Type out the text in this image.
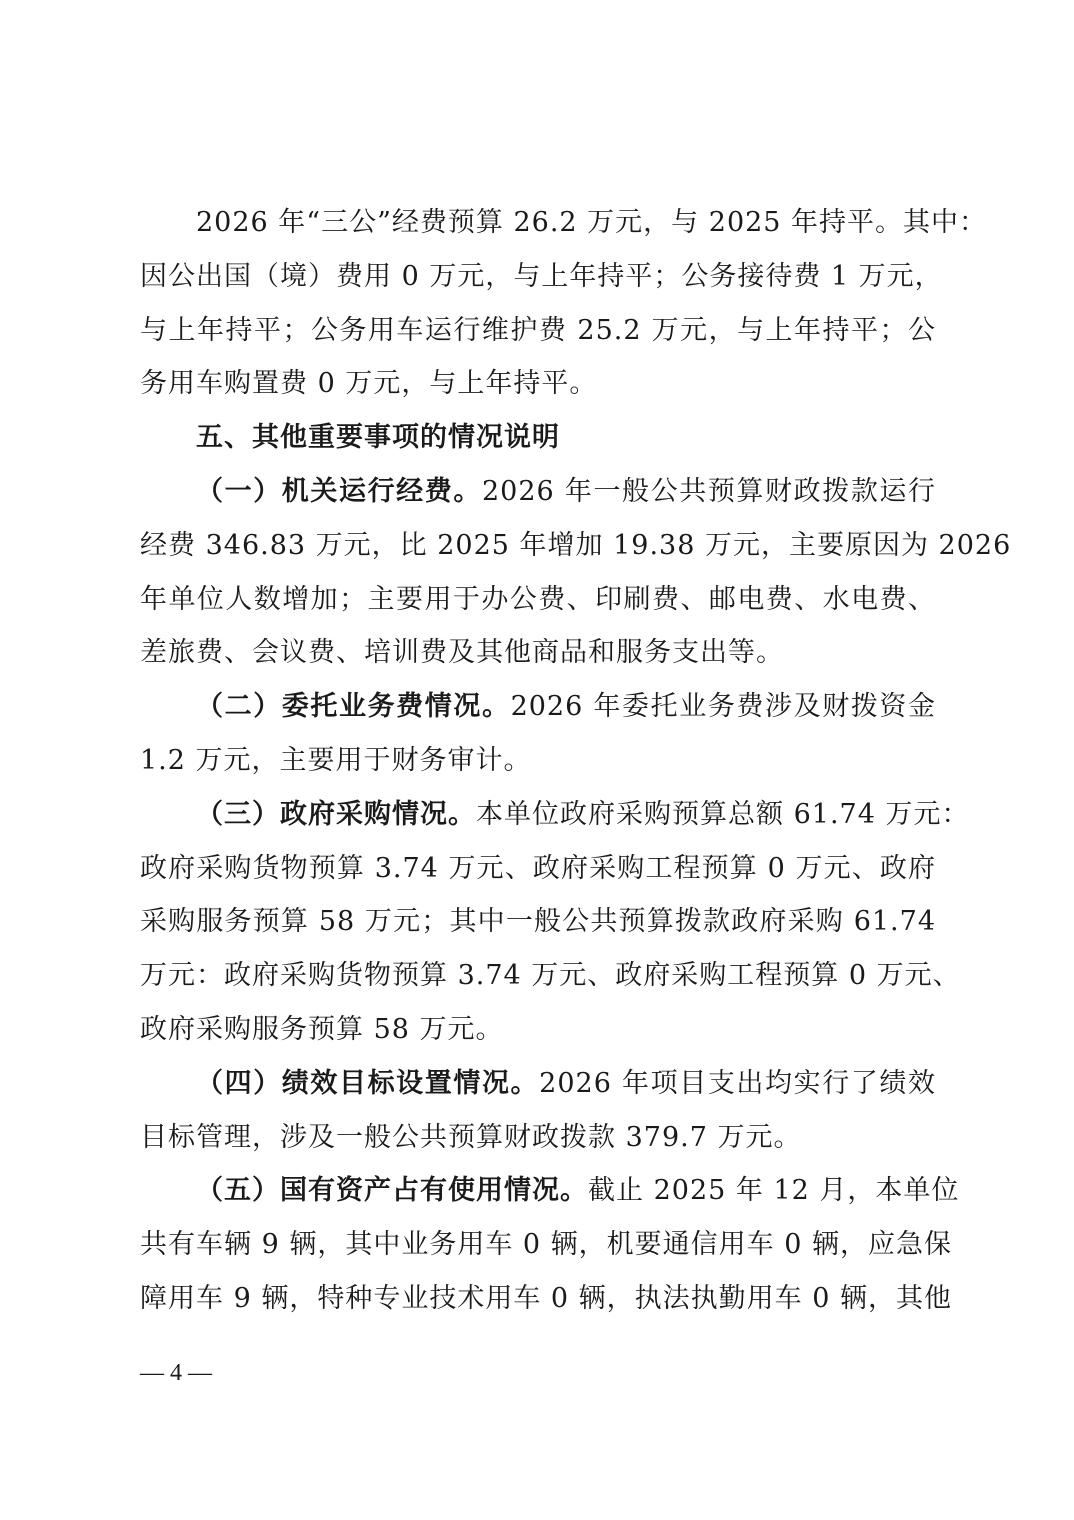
2026 年“三公”经费预算 26.2 万元，与 2025 年持平。其中：
因公出国（境）费用 0 万元，与上年持平；公务接待费 1 万元，
与上年持平；公务用车运行维护费 25.2 万元，与上年持平；公
务用车购置费 0 万元，与上年持平。
五、其他重要事项的情况说明
（一）机关运行经费。2026 年一般公共预算财政拨款运行
经费 346.83 万元，比 2025 年增加 19.38 万元，主要原因为 2026
年单位人数增加；主要用于办公费、印刷费、邮电费、水电费、
差旅费、会议费、培训费及其他商品和服务支出等。
（二）委托业务费情况。2026 年委托业务费涉及财拨资金
1.2 万元，主要用于财务审计。
（三）政府采购情况。本单位政府采购预算总额 61.74 万元：
政府采购货物预算 3.74 万元、政府采购工程预算 0 万元、政府
采购服务预算 58 万元；其中一般公共预算拨款政府采购 61.74
万元：政府采购货物预算 3.74 万元、政府采购工程预算 0 万元、
政府采购服务预算 58 万元。
（四）绩效目标设置情况。2026 年项目支出均实行了绩效
目标管理，涉及一般公共预算财政拨款 379.7 万元。
（五）国有资产占有使用情况。截止 2025 年 12 月，本单位
共有车辆 9 辆，其中业务用车 0 辆，机要通信用车 0 辆，应急保
障用车 9 辆，特种专业技术用车 0 辆，执法执勤用车 0 辆，其他
— 4 —
